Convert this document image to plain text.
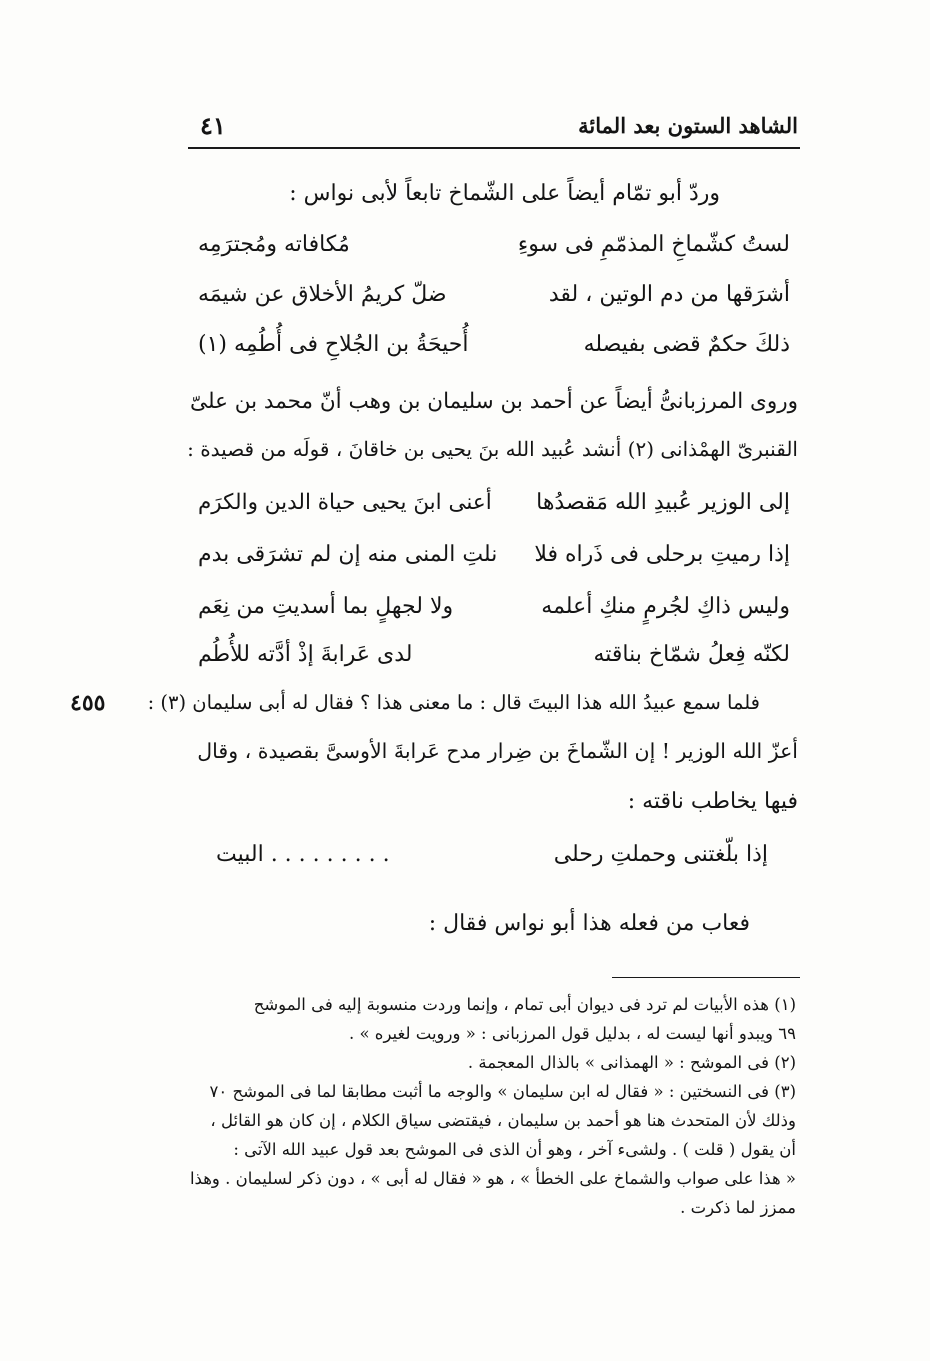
الشاهد الستون بعد المائة
٤١
٤٥٥
وردّ أبو تمّام أيضاً على الشّماخ تابعاً لأبى نواس :
لستُ كشّماخِ المذمّمِ فى سوءِ
مُكافاته ومُجترَمِه
أشرَقها من دم الوتين ، لقد
ضلّ كريمُ الأخلاق عن شيمَه
ذلكَ حكمٌ قضى بفيصله
أُحيحَةُ بن الجُلاحِ فى أُطُمِه (١)
وروى المرزبانىُّ أيضاً عن أحمد بن سليمان بن وهب أنّ محمد بن علىّ
القنبرىّ الهمْذانى (٢) أنشد عُبيد الله بنَ يحيى بن خاقانَ ، قولَه من قصيدة :
إلى الوزير عُبيدِ الله مَقصدُها
أعنى ابنَ يحيى حياة الدين والكرَم
إذا رميتِ برحلى فى ذَراه فلا
نلتِ المنى منه إن لم تشرَقى بدم
وليس ذاكِ لجُرمٍ منكِ أعلمه
ولا لجهلٍ بما أسديتِ من نِعَم
لكنّه فِعلُ شمّاخ بناقته
لدى عَرابةَ إذْ أدَّته للأُطُم
فلما سمع عبيدُ الله هذا البيتَ قال : ما معنى هذا ؟ فقال له أبى سليمان (٣) :
أعزّ الله الوزير ! إن الشّماخَ بن ضِرار مدح عَرابةَ الأوسىَّ بقصيدة ، وقال
فيها يخاطب ناقته :
إذا بلّغتنى وحملتِ رحلى
. . . . . . . . . البيت
فعاب من فعله هذا أبو نواس فقال :
(١) هذه الأبيات لم ترد فى ديوان أبى تمام ، وإنما وردت منسوبة إليه فى الموشح
٦٩ ويبدو أنها ليست له ، بدليل قول المرزبانى : « ورويت لغيره » .
(٢) فى الموشح : « الهمذانى » بالذال المعجمة .
(٣) فى النسختين : « فقال له ابن سليمان » والوجه ما أثبت مطابقا لما فى الموشح ٧٠
وذلك لأن المتحدث هنا هو أحمد بن سليمان ، فيقتضى سياق الكلام ، إن كان هو القائل ،
أن يقول ( قلت ) . ولشىء آخر ، وهو أن الذى فى الموشح بعد قول عبيد الله الآتى :
« هذا على صواب والشماخ على الخطأ » ، هو « فقال له أبى » ، دون ذكر لسليمان . وهذا
ممزز لما ذكرت .
